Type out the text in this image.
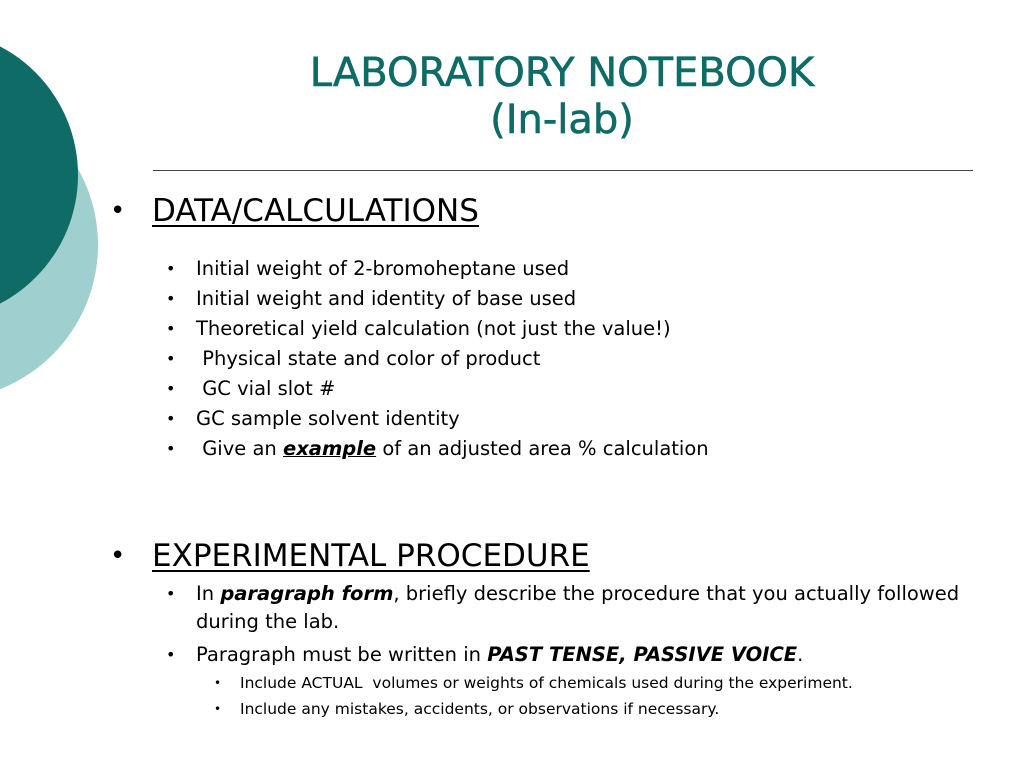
LABORATORY NOTEBOOK
(In-lab)
• DATA/CALCULATIONS
• Initial weight of 2-bromoheptane used
• Initial weight and identity of base used
• Theoretical yield calculation (not just the value!)
• Physical state and color of product
• GC vial slot #
• GC sample solvent identity
• Give an example of an adjusted area % calculation
• EXPERIMENTAL PROCEDURE
• In paragraph form, briefly describe the procedure that you actually followed during the lab.
• Paragraph must be written in PAST TENSE, PASSIVE VOICE.
• Include ACTUAL  volumes or weights of chemicals used during the experiment.
• Include any mistakes, accidents, or observations if necessary.
